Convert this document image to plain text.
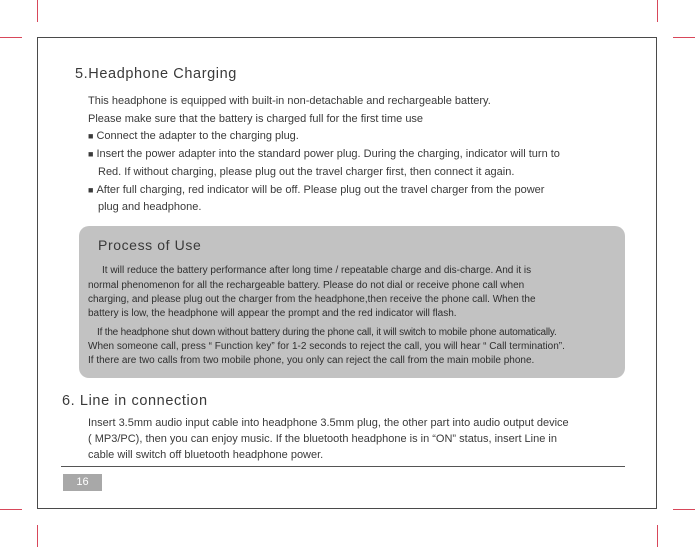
5.Headphone Charging
This headphone is equipped with built-in non-detachable and rechargeable battery.
Please make sure that the battery is charged full for the first time use
■ Connect the adapter to the charging plug.
■ Insert the power adapter into the standard power plug. During the charging, indicator will turn to
Red. If without charging, please plug out the travel charger first, then connect it again.
■ After full charging, red indicator will be off. Please plug out the travel charger from the power
plug and headphone.
Process of Use
It will reduce the battery performance after long time / repeatable charge and dis-charge. And it is
normal phenomenon for all the rechargeable battery. Please do not dial or receive phone call when
charging, and please plug out the charger from the headphone,then receive the phone call. When the
battery is low, the headphone will appear the prompt and the red indicator will flash.
If the headphone shut down without battery during the phone call, it will switch to mobile phone automatically.
When someone call, press “ Function key” for 1-2 seconds to reject the call, you will hear “ Call termination”.
If there are two calls from two mobile phone, you only can reject the call from the main mobile phone.
6. Line in connection
Insert 3.5mm audio input cable into headphone 3.5mm plug, the other part into audio output device
( MP3/PC), then you can enjoy music. If the bluetooth headphone is in “ON” status, insert Line in
cable will switch off bluetooth headphone power.
16
